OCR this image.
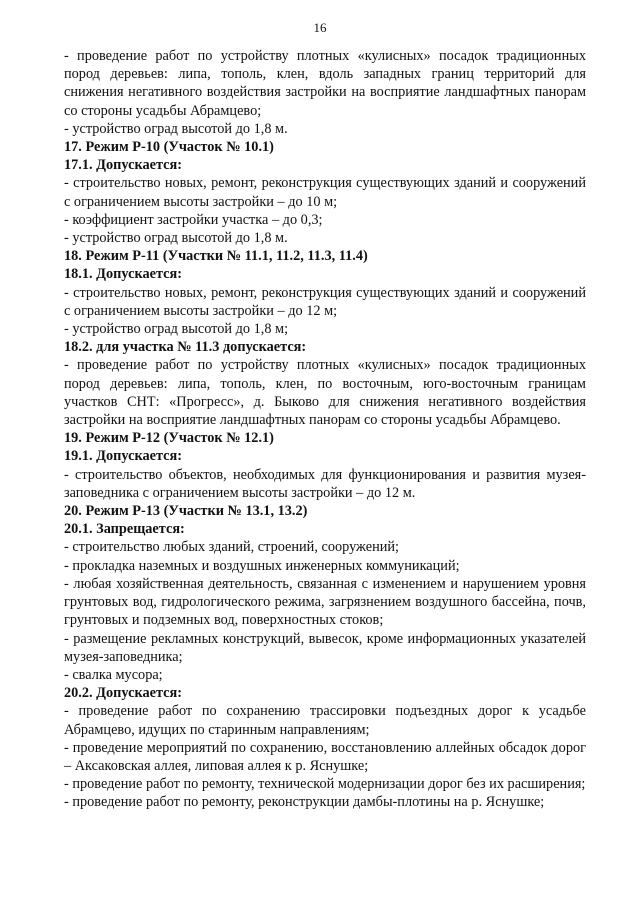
16
- проведение работ по устройству плотных «кулисных» посадок традиционных пород деревьев: липа, тополь, клен, вдоль западных границ территорий для снижения негативного воздействия застройки на восприятие ландшафтных панорам со стороны усадьбы Абрамцево;
- устройство оград высотой до 1,8 м.
17. Режим Р-10 (Участок № 10.1)
17.1. Допускается:
- строительство новых, ремонт, реконструкция существующих зданий и сооружений с ограничением высоты застройки – до 10 м;
- коэффициент застройки участка – до 0,3;
- устройство оград высотой до 1,8 м.
18. Режим Р-11 (Участки № 11.1, 11.2, 11.3, 11.4)
18.1. Допускается:
- строительство новых, ремонт, реконструкция существующих зданий и сооружений с ограничением высоты застройки – до 12 м;
- устройство оград высотой до 1,8 м;
18.2. для участка № 11.3 допускается:
- проведение работ по устройству плотных «кулисных» посадок традиционных пород деревьев: липа, тополь, клен, по восточным, юго-восточным границам участков СНТ: «Прогресс», д. Быково для снижения негативного воздействия застройки на восприятие ландшафтных панорам со стороны усадьбы Абрамцево.
19. Режим Р-12 (Участок № 12.1)
19.1. Допускается:
- строительство объектов, необходимых для функционирования и развития музея-заповедника с ограничением высоты застройки – до 12 м.
20. Режим Р-13 (Участки № 13.1, 13.2)
20.1. Запрещается:
- строительство любых зданий, строений, сооружений;
- прокладка наземных и воздушных инженерных коммуникаций;
- любая хозяйственная деятельность, связанная с изменением и нарушением уровня грунтовых вод, гидрологического режима, загрязнением воздушного бассейна, почв, грунтовых и подземных вод, поверхностных стоков;
- размещение рекламных конструкций, вывесок, кроме информационных указателей музея-заповедника;
- свалка мусора;
20.2. Допускается:
- проведение работ по сохранению трассировки подъездных дорог к усадьбе Абрамцево, идущих по старинным направлениям;
- проведение мероприятий по сохранению, восстановлению аллейных обсадок дорог – Аксаковская аллея, липовая аллея к р. Яснушке;
- проведение работ по ремонту, технической модернизации дорог без их расширения;
- проведение работ по ремонту, реконструкции дамбы-плотины на р. Яснушке;
